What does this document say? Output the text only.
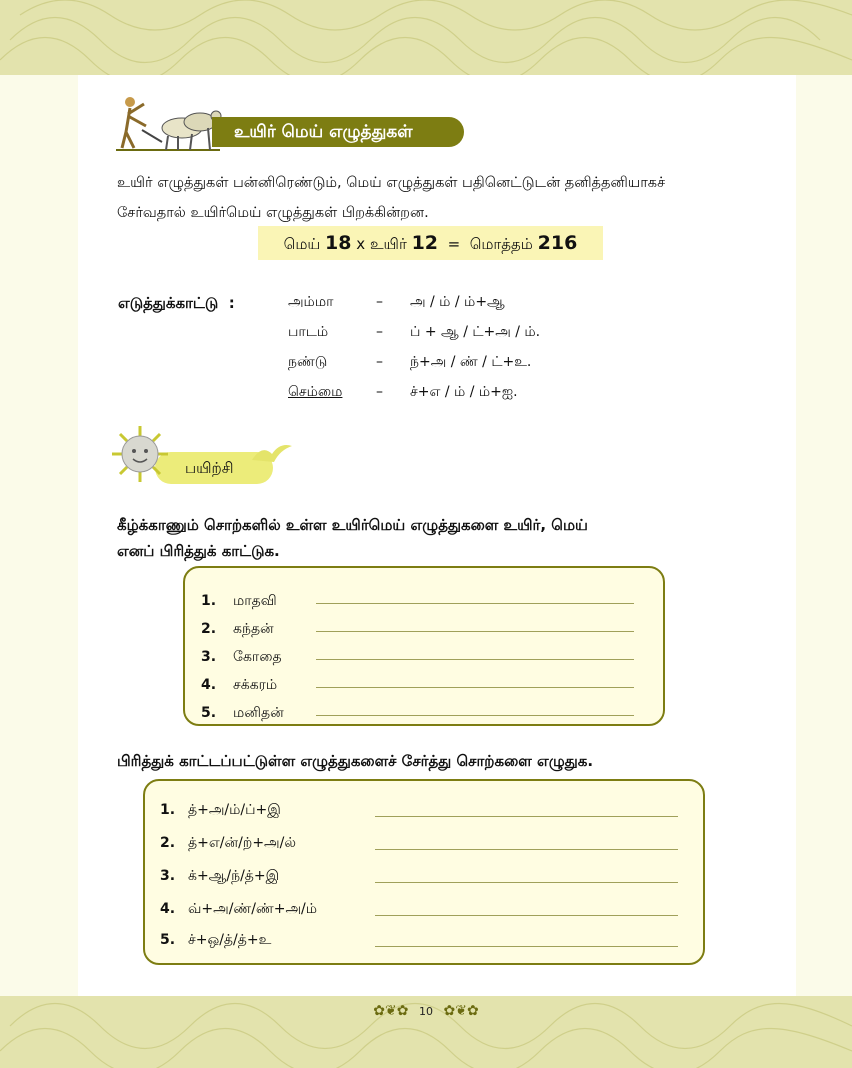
உயிர் மெய் எழுத்துகள்
உயிர் எழுத்துகள் பன்னிரெண்டும், மெய் எழுத்துகள் பதினெட்டுடன் தனித்தனியாகச்
சேர்வதால் உயிர்மெய் எழுத்துகள் பிறக்கின்றன.
மெய் 18 x உயிர் 12 = மொத்தம் 216
எடுத்துக்காட்டு :	அம்மா	– அ / ம் / ம்+ஆ
பாடம்	– ப் + ஆ / ட்+அ / ம்.
நண்டு	– ந்+அ / ண் / ட்+உ.
செம்மை	– ச்+எ / ம் / ம்+ஐ.
பயிற்சி
கீழ்க்காணும் சொற்களில் உள்ள உயிர்மெய் எழுத்துகளை உயிர், மெய்
எனப் பிரித்துக் காட்டுக.
1. மாதவி
2. கந்தன்
3. கோதை
4. சக்கரம்
5. மனிதன்
பிரித்துக் காட்டப்பட்டுள்ள எழுத்துகளைச் சேர்த்து சொற்களை எழுதுக.
1. த்+அ/ம்/ப்+இ
2. த்+எ/ன்/ற்+அ/ல்
3. க்+ஆ/ந்/த்+இ
4. வ்+அ/ண்/ண்+அ/ம்
5. ச்+ஒ/த்/த்+உ
✿❦✿ 10 ✿❦✿
